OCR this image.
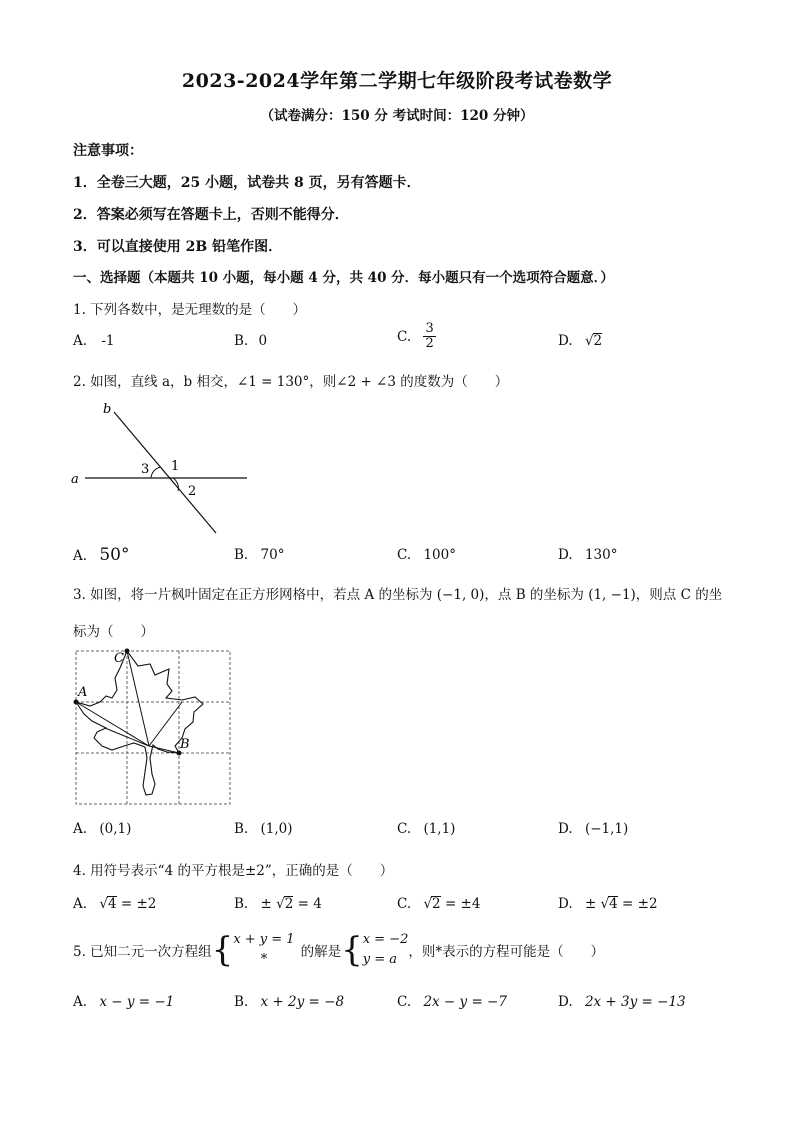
2023-2024学年第二学期七年级阶段考试卷数学
（试卷满分：150 分 考试时间：120 分钟）
注意事项：
1．全卷三大题，25 小题，试卷共 8 页，另有答题卡．
2．答案必须写在答题卡上，否则不能得分．
3．可以直接使用 2B 铅笔作图．
一、选择题（本题共 10 小题，每小题 4 分，共 40 分．每小题只有一个选项符合题意．）
1. 下列各数中，是无理数的是（　　）
A. -1	B. 0	C. $\frac{3}{2}$	D. √2
2. 如图，直线 a，b 相交，∠1 = 130°，则∠2 + ∠3 的度数为（　　）
b
a
3 1
2
A. 50°	B. 70°	C. 100°	D. 130°
3. 如图，将一片枫叶固定在正方形网格中，若点 A 的坐标为 (−1, 0)，点 B 的坐标为 (1, −1)，则点 C 的坐
标为（　　）
C
A
B
A. (0,1)	B. (1,0)	C. (1,1)	D. (−1,1)
4. 用符号表示“4 的平方根是±2”，正确的是（　　）
A. √4 = ±2	B. ± √2 = 4	C. √2 = ±4	D. ± √4 = ±2
5. 已知二元一次方程组 { x + y = 1
*	的解是 { x = −2
y = a ，则*表示的方程可能是（　　）
A. x − y = −1	B. x + 2y = −8	C. 2x − y = −7	D. 2x + 3y = −13
